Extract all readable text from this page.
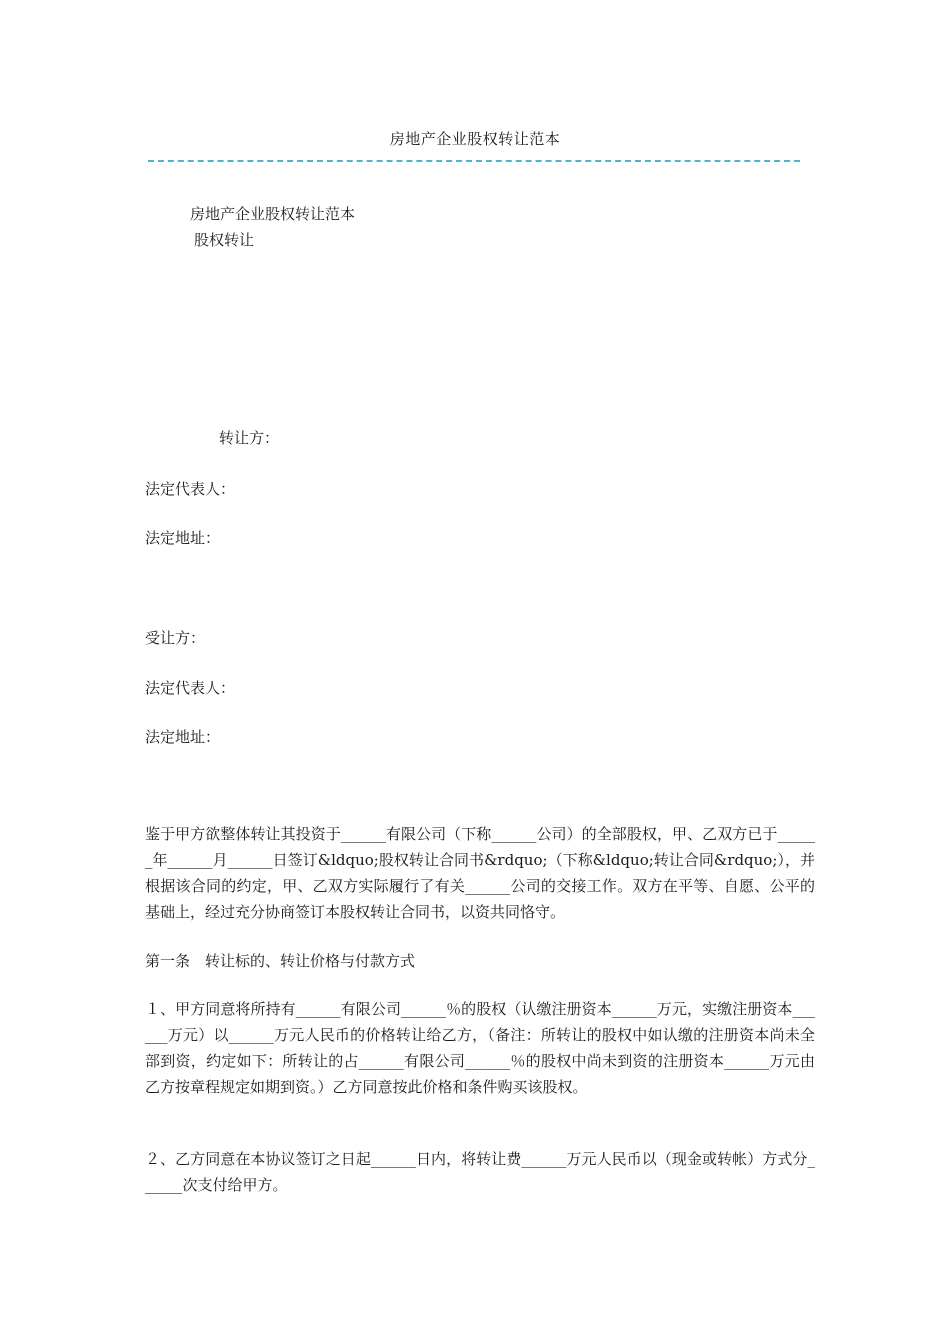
房地产企业股权转让范本
房地产企业股权转让范本
股权转让
转让方：
法定代表人：
法定地址：
受让方：
法定代表人：
法定地址：
鉴于甲方欲整体转让其投资于______有限公司（下称______公司）的全部股权，甲、乙双方已于______年______月______日签订&ldquo;股权转让合同书&rdquo;（下称&ldquo;转让合同&rdquo;），并根据该合同的约定，甲、乙双方实际履行了有关______公司的交接工作。双方在平等、自愿、公平的基础上，经过充分协商签订本股权转让合同书，以资共同恪守。
第一条　转让标的、转让价格与付款方式
１、甲方同意将所持有______有限公司______％的股权（认缴注册资本______万元，实缴注册资本______万元）以______万元人民币的价格转让给乙方，（备注：所转让的股权中如认缴的注册资本尚未全部到资，约定如下：所转让的占______有限公司______％的股权中尚未到资的注册资本______万元由乙方按章程规定如期到资。）乙方同意按此价格和条件购买该股权。
２、乙方同意在本协议签订之日起______日内，将转让费______万元人民币以（现金或转帐）方式分______次支付给甲方。
